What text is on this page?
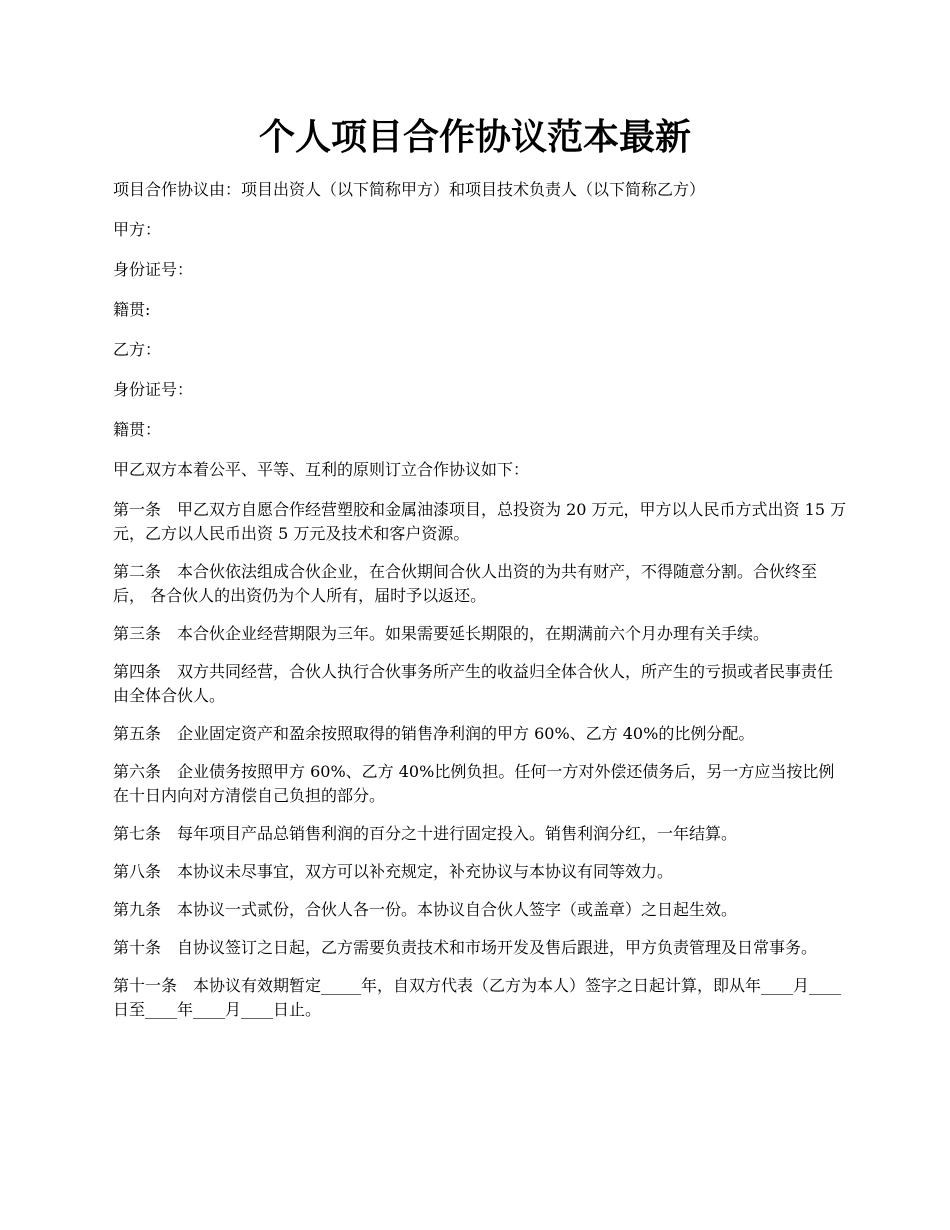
个人项目合作协议范本最新

项目合作协议由：项目出资人（以下简称甲方）和项目技术负责人（以下简称乙方）

甲方：

身份证号：

籍贯:

乙方：

身份证号：

籍贯：

甲乙双方本着公平、平等、互利的原则订立合作协议如下：

第一条 甲乙双方自愿合作经营塑胶和金属油漆项目，总投资为 20 万元，甲方以人民币方式出资 15 万元，乙方以人民币出资 5 万元及技术和客户资源。

第二条 本合伙依法组成合伙企业，在合伙期间合伙人出资的为共有财产，不得随意分割。合伙终至后， 各合伙人的出资仍为个人所有，届时予以返还。

第三条 本合伙企业经营期限为三年。如果需要延长期限的，在期满前六个月办理有关手续。

第四条 双方共同经营，合伙人执行合伙事务所产生的收益归全体合伙人，所产生的亏损或者民事责任由全体合伙人。

第五条 企业固定资产和盈余按照取得的销售净利润的甲方 60%、乙方 40%的比例分配。

第六条 企业债务按照甲方 60%、乙方 40%比例负担。任何一方对外偿还债务后，另一方应当按比例在十日内向对方清偿自己负担的部分。

第七条 每年项目产品总销售利润的百分之十进行固定投入。销售利润分红，一年结算。

第八条 本协议未尽事宜，双方可以补充规定，补充协议与本协议有同等效力。

第九条 本协议一式贰份，合伙人各一份。本协议自合伙人签字（或盖章）之日起生效。

第十条 自协议签订之日起，乙方需要负责技术和市场开发及售后跟进，甲方负责管理及日常事务。

第十一条 本协议有效期暂定_____年，自双方代表（乙方为本人）签字之日起计算，即从年____月____日至____年____月____日止。
